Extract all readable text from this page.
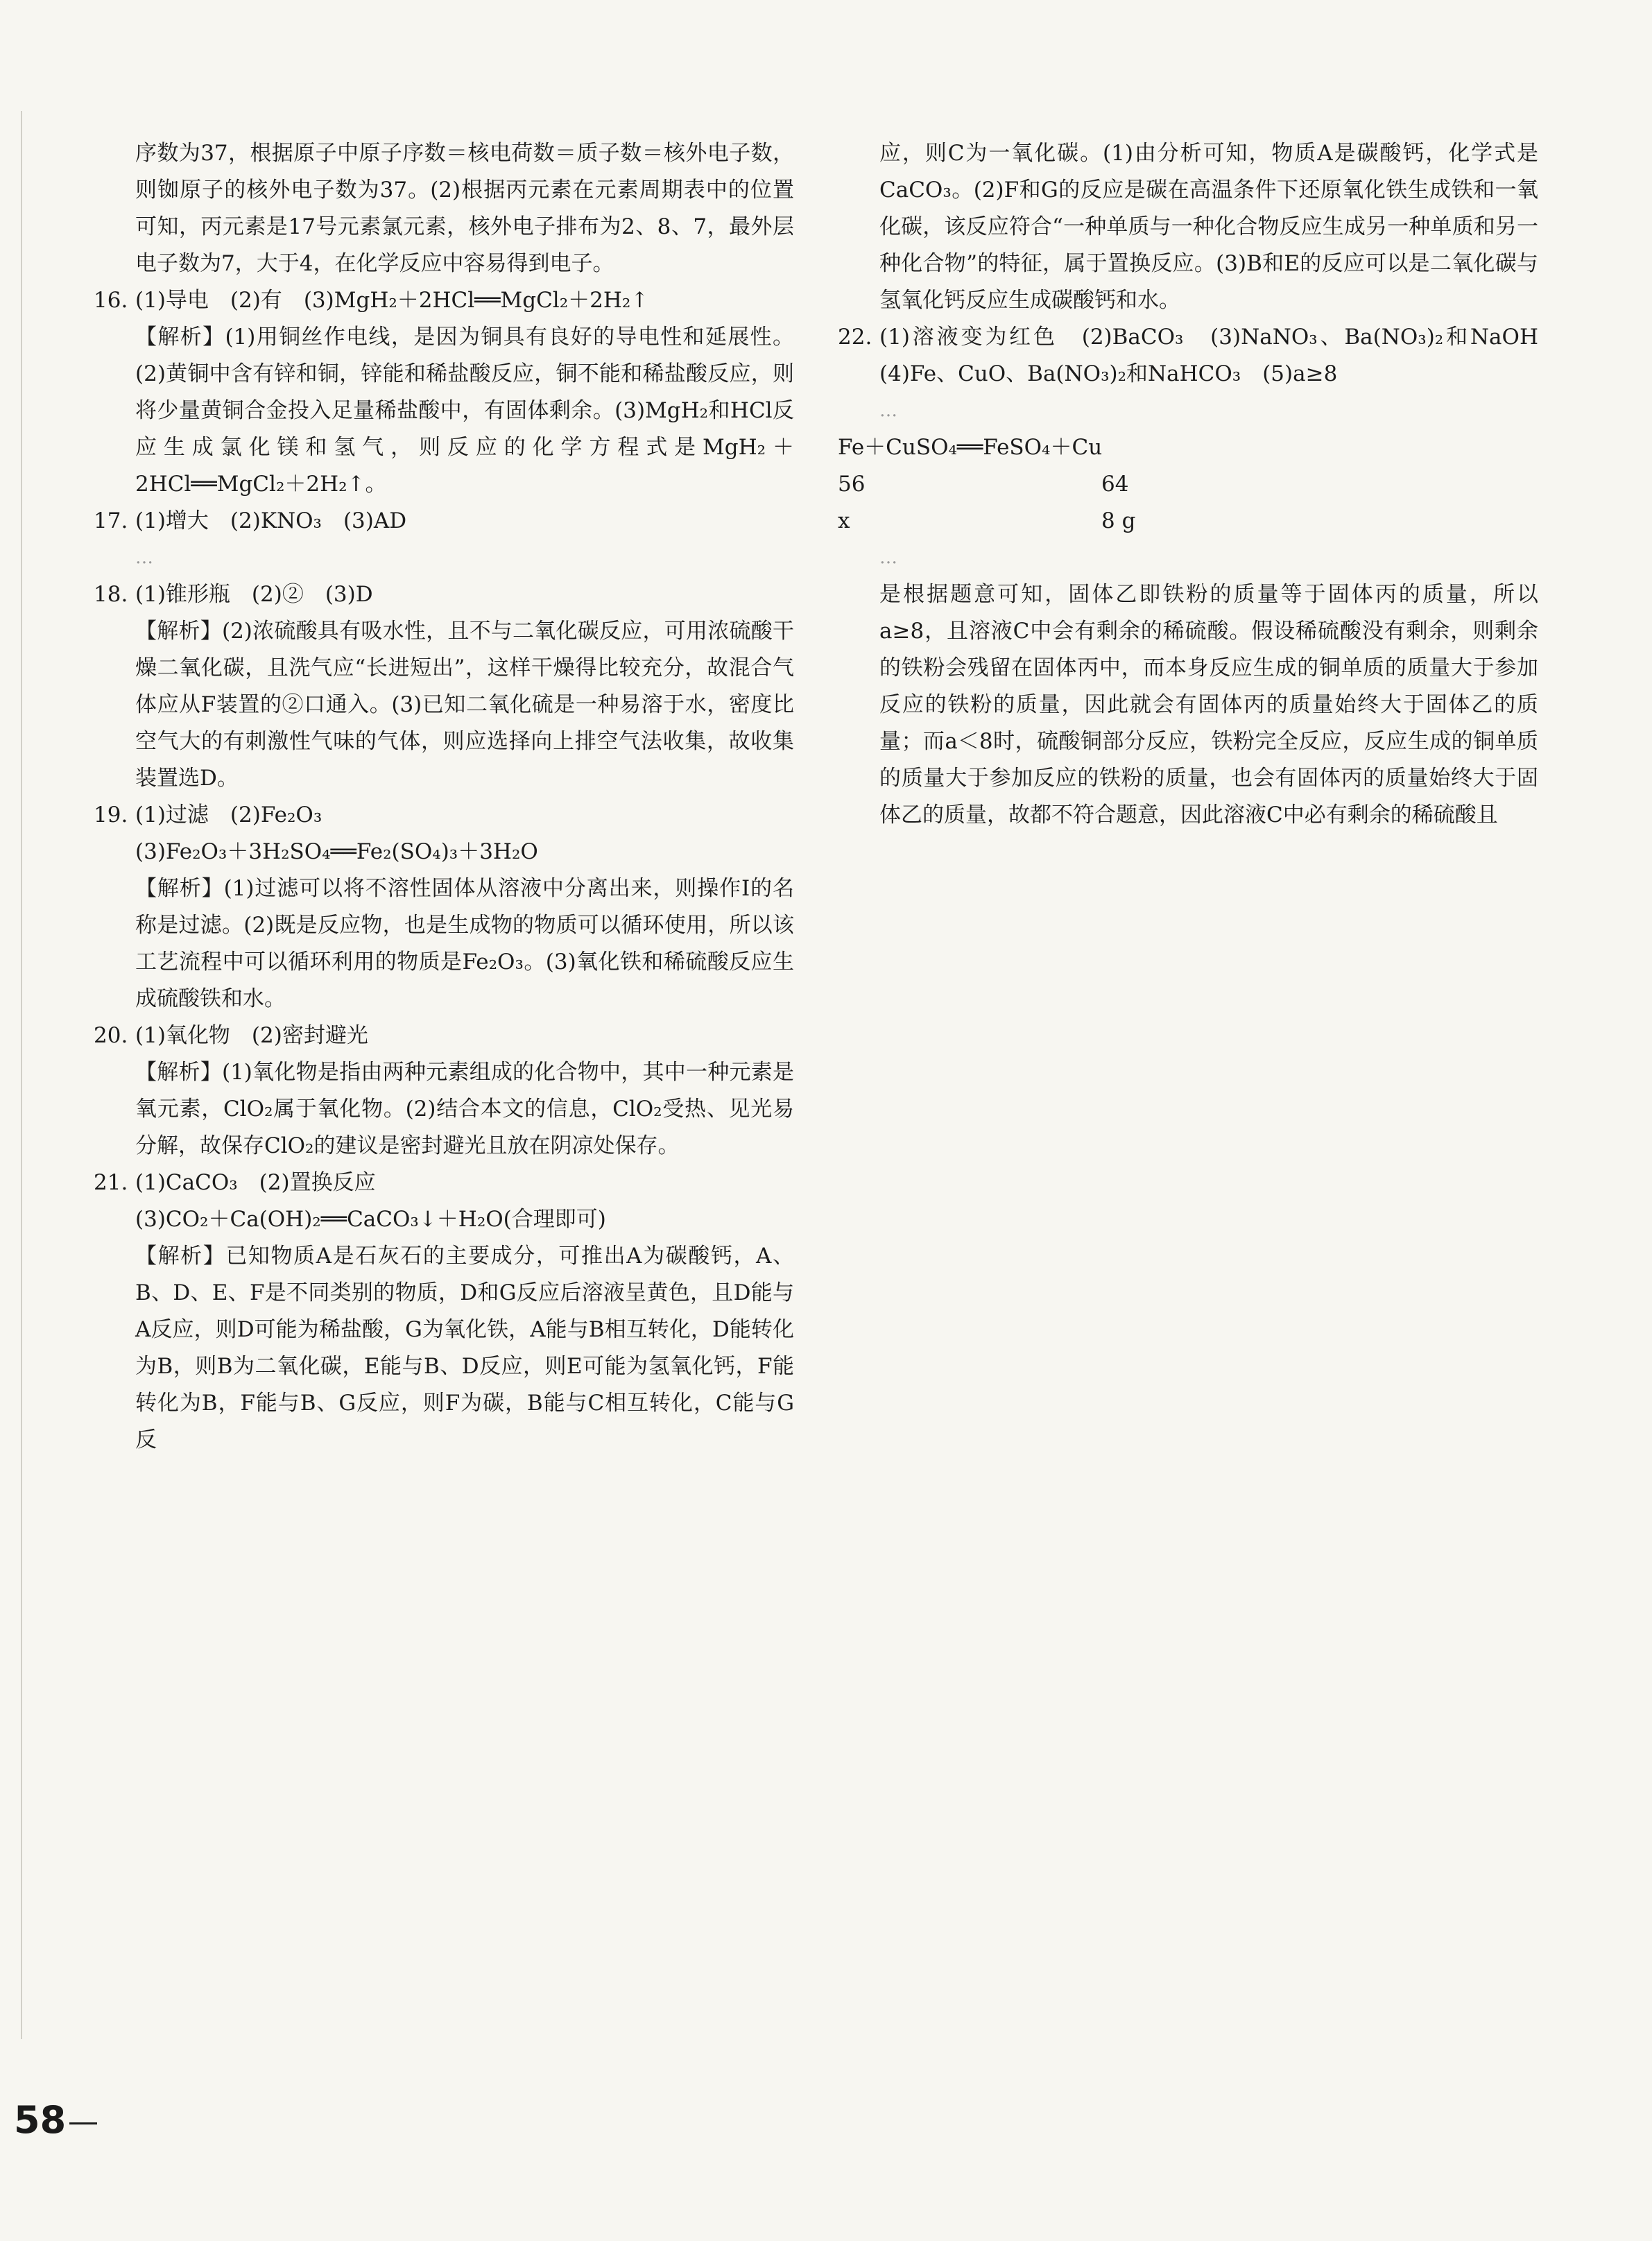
序数为37，根据原子中原子序数＝核电荷数＝质子数＝核外电子数，则铷原子的核外电子数为37。(2)根据丙元素在元素周期表中的位置可知，丙元素是17号元素氯元素，核外电子排布为2、8、7，最外层电子数为7，大于4，在化学反应中容易得到电子。

16. (1)导电　(2)有　(3)MgH₂＋2HCl══MgCl₂＋2H₂↑

【解析】(1)用铜丝作电线，是因为铜具有良好的导电性和延展性。(2)黄铜中含有锌和铜，锌能和稀盐酸反应，铜不能和稀盐酸反应，则将少量黄铜合金投入足量稀盐酸中，有固体剩余。(3)MgH₂和HCl反应生成氯化镁和氢气，则反应的化学方程式是MgH₂＋2HCl══MgCl₂＋2H₂↑。

17. (1)增大　(2)KNO₃　(3)AD

…

18. (1)锥形瓶　(2)②　(3)D

【解析】(2)浓硫酸具有吸水性，且不与二氧化碳反应，可用浓硫酸干燥二氧化碳，且洗气应“长进短出”，这样干燥得比较充分，故混合气体应从F装置的②口通入。(3)已知二氧化硫是一种易溶于水，密度比空气大的有刺激性气味的气体，则应选择向上排空气法收集，故收集装置选D。

19. (1)过滤　(2)Fe₂O₃

(3)Fe₂O₃＋3H₂SO₄══Fe₂(SO₄)₃＋3H₂O

【解析】(1)过滤可以将不溶性固体从溶液中分离出来，则操作Ⅰ的名称是过滤。(2)既是反应物，也是生成物的物质可以循环使用，所以该工艺流程中可以循环利用的物质是Fe₂O₃。(3)氧化铁和稀硫酸反应生成硫酸铁和水。

20. (1)氧化物　(2)密封避光

【解析】(1)氧化物是指由两种元素组成的化合物中，其中一种元素是氧元素，ClO₂属于氧化物。(2)结合本文的信息，ClO₂受热、见光易分解，故保存ClO₂的建议是密封避光且放在阴凉处保存。

21. (1)CaCO₃　(2)置换反应

(3)CO₂＋Ca(OH)₂══CaCO₃↓＋H₂O(合理即可)

【解析】已知物质A是石灰石的主要成分，可推出A为碳酸钙，A、B、D、E、F是不同类别的物质，D和G反应后溶液呈黄色，且D能与A反应，则D可能为稀盐酸，G为氧化铁，A能与B相互转化，D能转化为B，则B为二氧化碳，E能与B、D反应，则E可能为氢氧化钙，F能转化为B，F能与B、G反应，则F为碳，B能与C相互转化，C能与G反

应，则C为一氧化碳。(1)由分析可知，物质A是碳酸钙，化学式是CaCO₃。(2)F和G的反应是碳在高温条件下还原氧化铁生成铁和一氧化碳，该反应符合“一种单质与一种化合物反应生成另一种单质和另一种化合物”的特征，属于置换反应。(3)B和E的反应可以是二氧化碳与氢氧化钙反应生成碳酸钙和水。

22. (1)溶液变为红色　(2)BaCO₃　(3)NaNO₃、Ba(NO₃)₂和NaOH　(4)Fe、CuO、Ba(NO₃)₂和NaHCO₃　(5)a≥8

…

Fe＋CuSO₄══FeSO₄＋Cu

56	64

x	8 g

…

是根据题意可知，固体乙即铁粉的质量等于固体丙的质量，所以a≥8，且溶液C中会有剩余的稀硫酸。假设稀硫酸没有剩余，则剩余的铁粉会残留在固体丙中，而本身反应生成的铜单质的质量大于参加反应的铁粉的质量，因此就会有固体丙的质量始终大于固体乙的质量；而a＜8时，硫酸铜部分反应，铁粉完全反应，反应生成的铜单质的质量大于参加反应的铁粉的质量，也会有固体丙的质量始终大于固体乙的质量，故都不符合题意，因此溶液C中必有剩余的稀硫酸且

58
